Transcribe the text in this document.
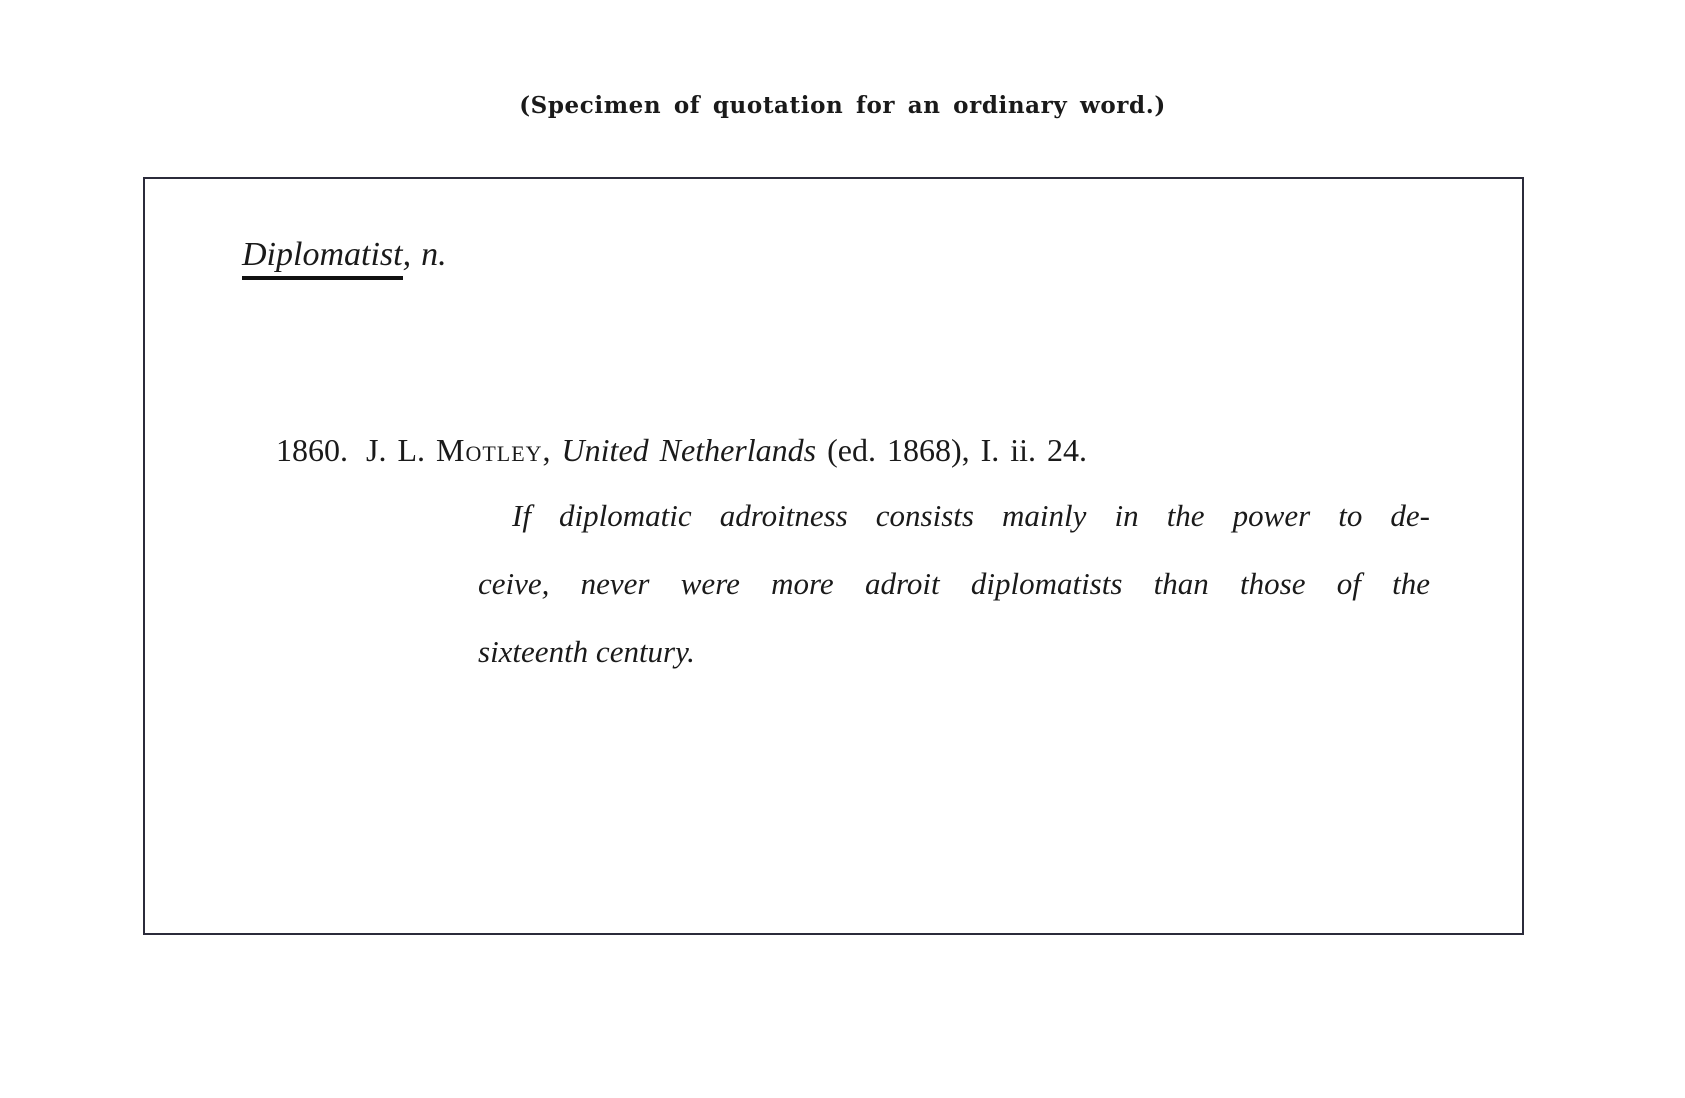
(Specimen of quotation for an ordinary word.)
Diplomatist, n.
1860. J. L. Motley, United Netherlands (ed. 1868), I. ii. 24.
If diplomatic adroitness consists mainly in the power to de-
ceive, never were more adroit diplomatists than those of the
sixteenth century.
